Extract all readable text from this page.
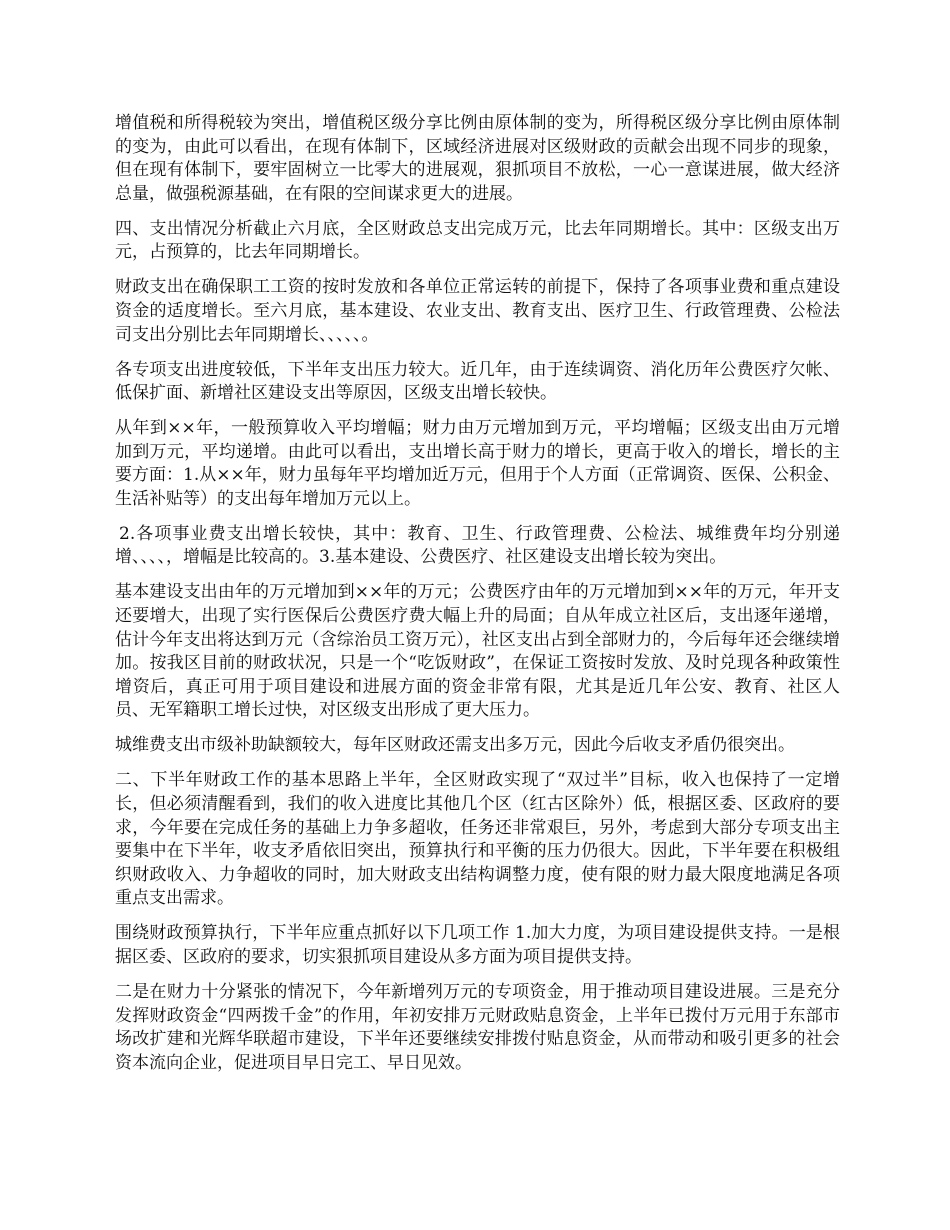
增值税和所得税较为突出，增值税区级分享比例由原体制的变为，所得税区级分享比例由原体制的变为，由此可以看出，在现有体制下，区域经济进展对区级财政的贡献会出现不同步的现象，但在现有体制下，要牢固树立一比零大的进展观，狠抓项目不放松，一心一意谋进展，做大经济总量，做强税源基础，在有限的空间谋求更大的进展。

四、支出情况分析截止六月底，全区财政总支出完成万元，比去年同期增长。其中：区级支出万元，占预算的，比去年同期增长。

财政支出在确保职工工资的按时发放和各单位正常运转的前提下，保持了各项事业费和重点建设资金的适度增长。至六月底，基本建设、农业支出、教育支出、医疗卫生、行政管理费、公检法司支出分别比去年同期增长、、、、、。

各专项支出进度较低，下半年支出压力较大。近几年，由于连续调资、消化历年公费医疗欠帐、低保扩面、新增社区建设支出等原因，区级支出增长较快。

从年到××年，一般预算收入平均增幅；财力由万元增加到万元，平均增幅；区级支出由万元增加到万元，平均递增。由此可以看出，支出增长高于财力的增长，更高于收入的增长，增长的主要方面：1.从××年，财力虽每年平均增加近万元，但用于个人方面（正常调资、医保、公积金、生活补贴等）的支出每年增加万元以上。

2.各项事业费支出增长较快，其中：教育、卫生、行政管理费、公检法、城维费年均分别递增、、、、，增幅是比较高的。3.基本建设、公费医疗、社区建设支出增长较为突出。

基本建设支出由年的万元增加到××年的万元；公费医疗由年的万元增加到××年的万元，年开支还要增大，出现了实行医保后公费医疗费大幅上升的局面；自从年成立社区后，支出逐年递增，估计今年支出将达到万元（含综治员工资万元），社区支出占到全部财力的，今后每年还会继续增加。按我区目前的财政状况，只是一个“吃饭财政”，在保证工资按时发放、及时兑现各种政策性增资后，真正可用于项目建设和进展方面的资金非常有限，尤其是近几年公安、教育、社区人员、无军籍职工增长过快，对区级支出形成了更大压力。

城维费支出市级补助缺额较大，每年区财政还需支出多万元，因此今后收支矛盾仍很突出。

二、下半年财政工作的基本思路上半年，全区财政实现了“双过半”目标，收入也保持了一定增长，但必须清醒看到，我们的收入进度比其他几个区（红古区除外）低，根据区委、区政府的要求，今年要在完成任务的基础上力争多超收，任务还非常艰巨，另外，考虑到大部分专项支出主要集中在下半年，收支矛盾依旧突出，预算执行和平衡的压力仍很大。因此，下半年要在积极组织财政收入、力争超收的同时，加大财政支出结构调整力度，使有限的财力最大限度地满足各项重点支出需求。

围绕财政预算执行，下半年应重点抓好以下几项工作 1.加大力度，为项目建设提供支持。一是根据区委、区政府的要求，切实狠抓项目建设从多方面为项目提供支持。

二是在财力十分紧张的情况下，今年新增列万元的专项资金，用于推动项目建设进展。三是充分发挥财政资金“四两拨千金”的作用，年初安排万元财政贴息资金，上半年已拨付万元用于东部市场改扩建和光辉华联超市建设，下半年还要继续安排拨付贴息资金，从而带动和吸引更多的社会资本流向企业，促进项目早日完工、早日见效。
